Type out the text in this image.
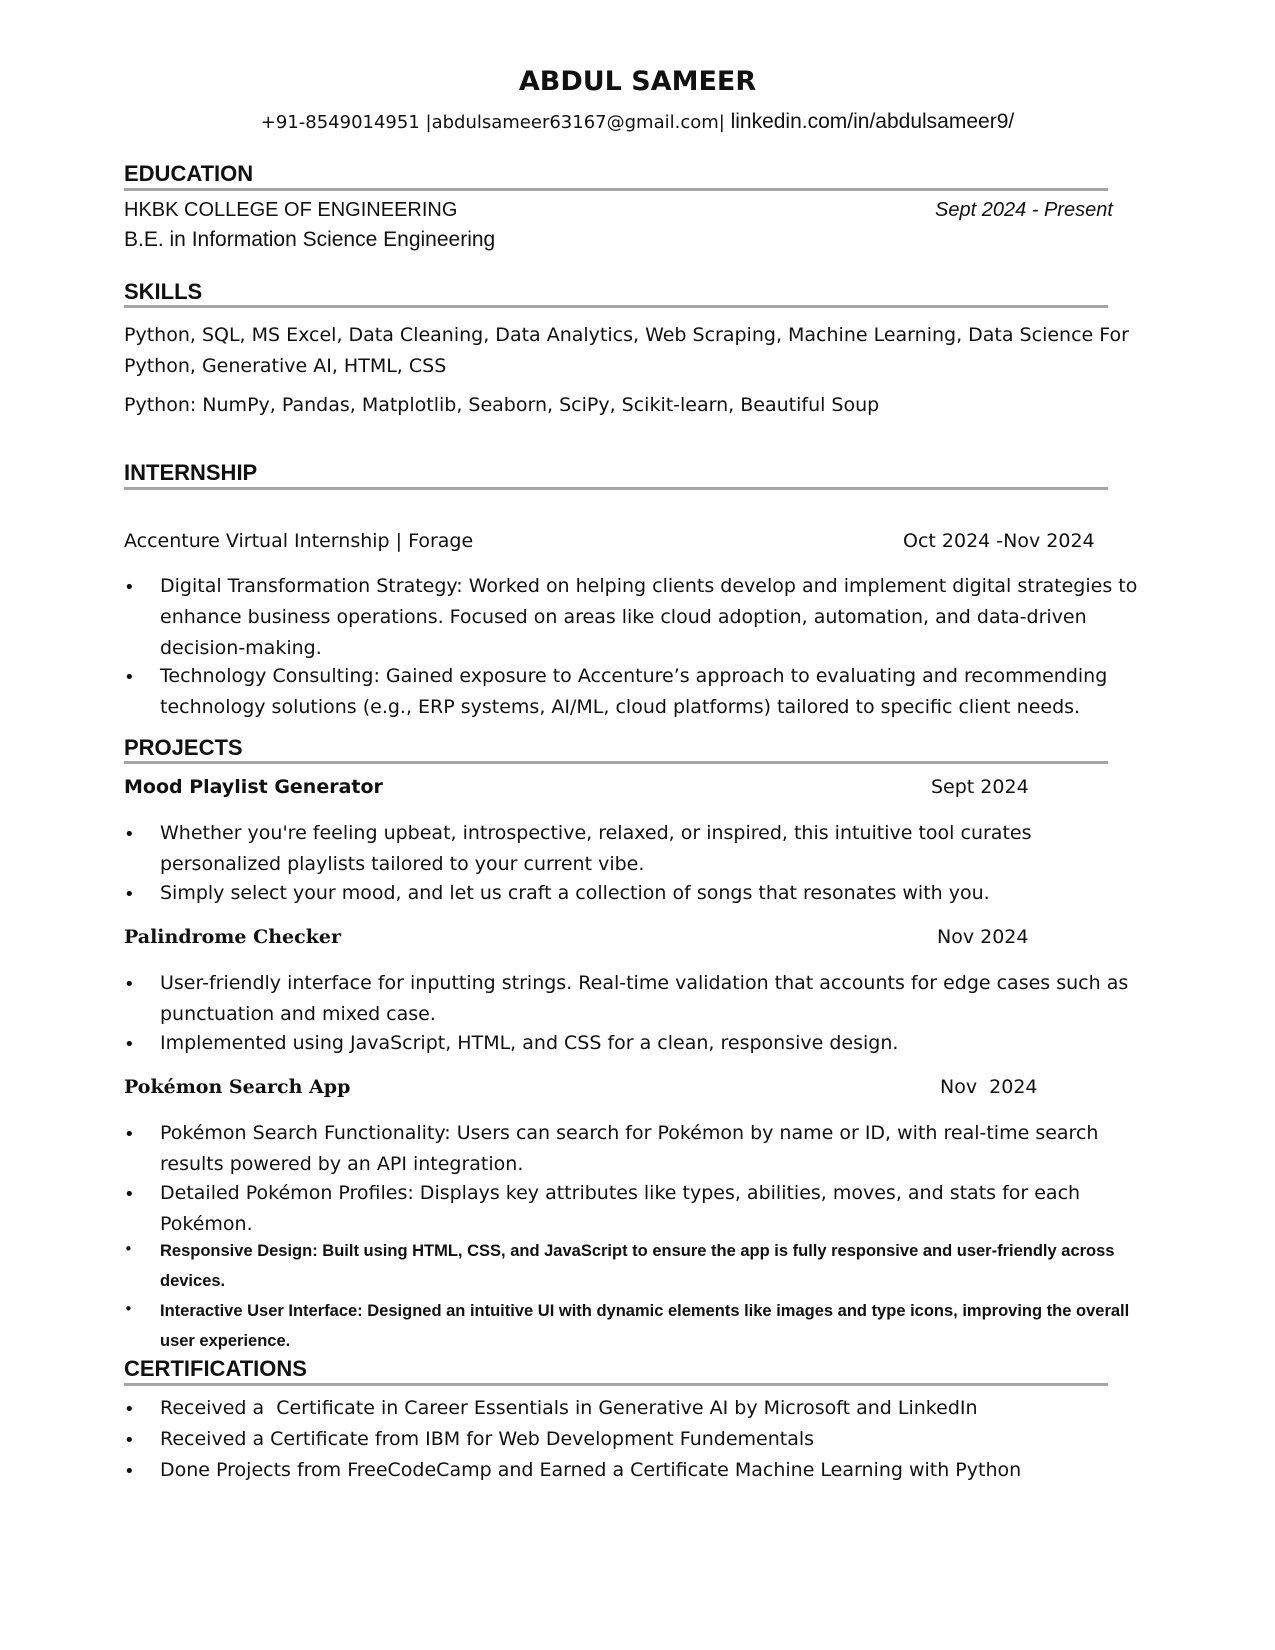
ABDUL SAMEER
+91-8549014951 |abdulsameer63167@gmail.com| linkedin.com/in/abdulsameer9/
EDUCATION
HKBK COLLEGE OF ENGINEERING	Sept 2024 - Present
B.E. in Information Science Engineering
SKILLS
Python, SQL, MS Excel, Data Cleaning, Data Analytics, Web Scraping, Machine Learning, Data Science For Python, Generative AI, HTML, CSS
Python: NumPy, Pandas, Matplotlib, Seaborn, SciPy, Scikit-learn, Beautiful Soup
INTERNSHIP
Accenture Virtual Internship | Forage	Oct 2024 -Nov 2024
• Digital Transformation Strategy: Worked on helping clients develop and implement digital strategies to enhance business operations. Focused on areas like cloud adoption, automation, and data-driven decision-making.
• Technology Consulting: Gained exposure to Accenture’s approach to evaluating and recommending technology solutions (e.g., ERP systems, AI/ML, cloud platforms) tailored to specific client needs.
PROJECTS
Mood Playlist Generator	Sept 2024
• Whether you're feeling upbeat, introspective, relaxed, or inspired, this intuitive tool curates personalized playlists tailored to your current vibe.
• Simply select your mood, and let us craft a collection of songs that resonates with you.
Palindrome Checker	Nov 2024
• User-friendly interface for inputting strings. Real-time validation that accounts for edge cases such as punctuation and mixed case.
• Implemented using JavaScript, HTML, and CSS for a clean, responsive design.
Pokémon Search App	Nov  2024
• Pokémon Search Functionality: Users can search for Pokémon by name or ID, with real-time search results powered by an API integration.
• Detailed Pokémon Profiles: Displays key attributes like types, abilities, moves, and stats for each Pokémon.
• Responsive Design: Built using HTML, CSS, and JavaScript to ensure the app is fully responsive and user-friendly across devices.
• Interactive User Interface: Designed an intuitive UI with dynamic elements like images and type icons, improving the overall user experience.
CERTIFICATIONS
• Received a  Certificate in Career Essentials in Generative AI by Microsoft and LinkedIn
• Received a Certificate from IBM for Web Development Fundementals
• Done Projects from FreeCodeCamp and Earned a Certificate Machine Learning with Python
